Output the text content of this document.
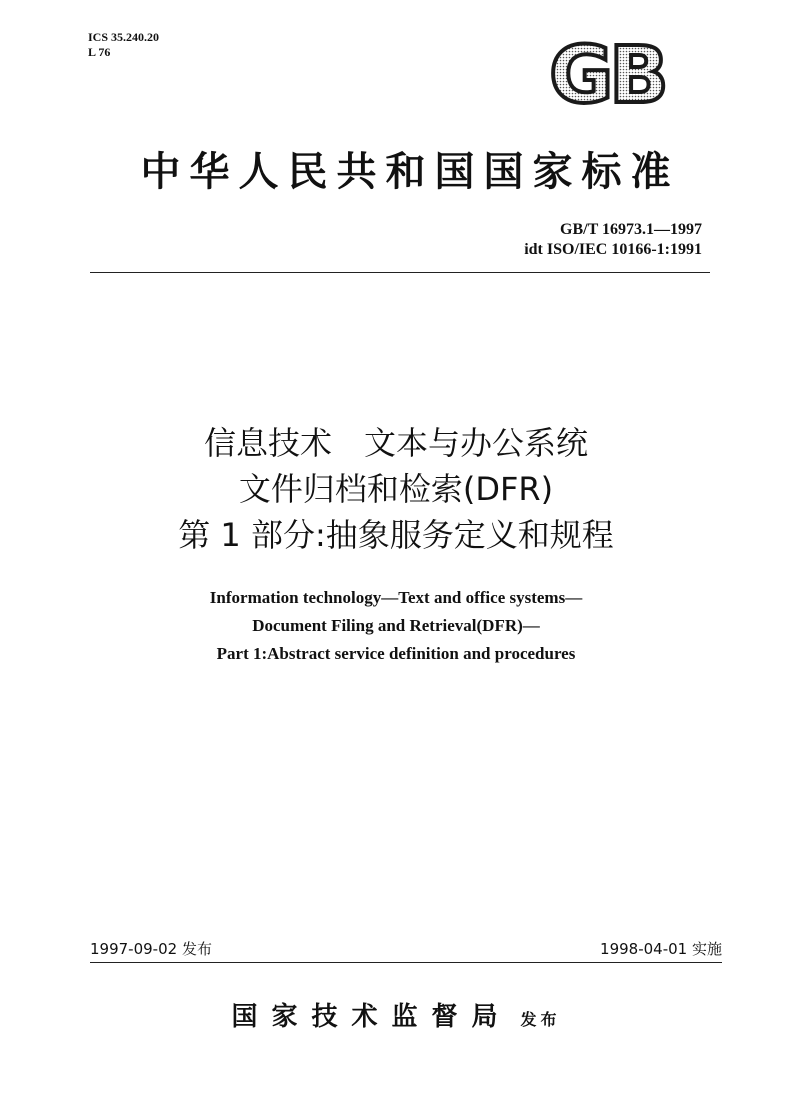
ICS 35.240.20
L 76	GB
中华人民共和国国家标准
GB/T 16973.1—1997
idt ISO/IEC 10166-1:1991
信息技术　文本与办公系统
文件归档和检索(DFR)
第 1 部分:抽象服务定义和规程
Information technology—Text and office systems—
Document Filing and Retrieval(DFR)—
Part 1:Abstract service definition and procedures
1997-09-02 发布	1998-04-01 实施
国家技术监督局 发布
